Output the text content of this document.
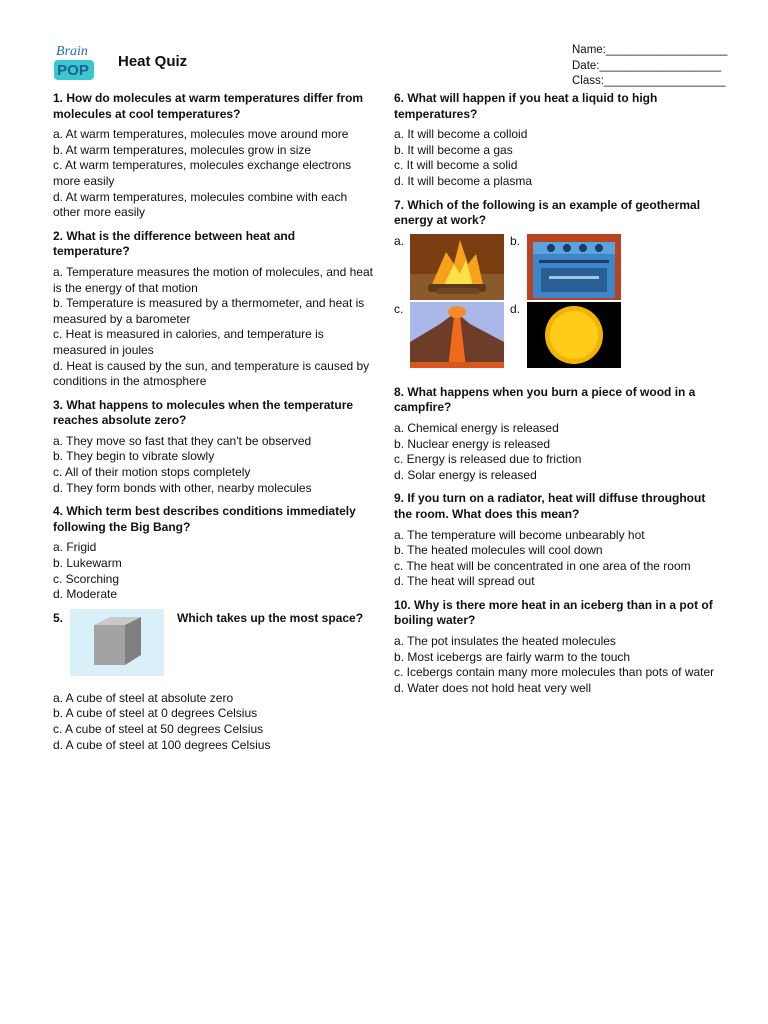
Brain
POP
Heat Quiz
Name:___________________
Date:___________________
Class:___________________
1. How do molecules at warm temperatures differ from molecules at cool temperatures?
a. At warm temperatures, molecules move around more
b. At warm temperatures, molecules grow in size
c. At warm temperatures, molecules exchange electrons more easily
d. At warm temperatures, molecules combine with each other more easily
2. What is the difference between heat and temperature?
a. Temperature measures the motion of molecules, and heat is the energy of that motion
b. Temperature is measured by a thermometer, and heat is measured by a barometer
c. Heat is measured in calories, and temperature is measured in joules
d. Heat is caused by the sun, and temperature is caused by conditions in the atmosphere
3. What happens to molecules when the temperature reaches absolute zero?
a. They move so fast that they can't be observed
b. They begin to vibrate slowly
c. All of their motion stops completely
d. They form bonds with other, nearby molecules
4. Which term best describes conditions immediately following the Big Bang?
a. Frigid
b. Lukewarm
c. Scorching
d. Moderate
5.	Which takes up the most space?
a. A cube of steel at absolute zero
b. A cube of steel at 0 degrees Celsius
c. A cube of steel at 50 degrees Celsius
d. A cube of steel at 100 degrees Celsius
6. What will happen if you heat a liquid to high temperatures?
a. It will become a colloid
b. It will become a gas
c. It will become a solid
d. It will become a plasma
7. Which of the following is an example of geothermal energy at work?
a.	b.
c.	d.
8. What happens when you burn a piece of wood in a campfire?
a. Chemical energy is released
b. Nuclear energy is released
c. Energy is released due to friction
d. Solar energy is released
9. If you turn on a radiator, heat will diffuse throughout the room. What does this mean?
a. The temperature will become unbearably hot
b. The heated molecules will cool down
c. The heat will be concentrated in one area of the room
d. The heat will spread out
10. Why is there more heat in an iceberg than in a pot of boiling water?
a. The pot insulates the heated molecules
b. Most icebergs are fairly warm to the touch
c. Icebergs contain many more molecules than pots of water
d. Water does not hold heat very well
